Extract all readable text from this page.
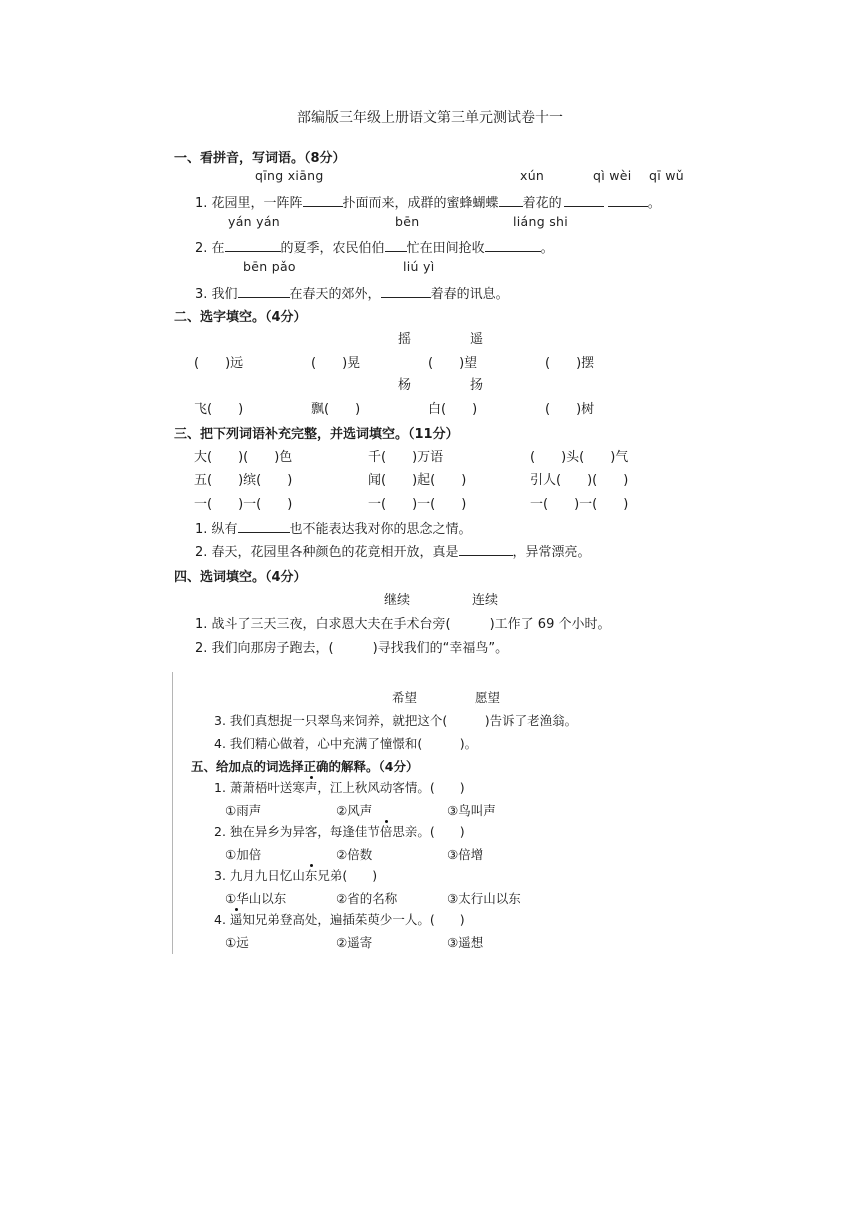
部编版三年级上册语文第三单元测试卷十一
一、看拼音，写词语。（8分）
qīng xiāng	xún	qì wèi qī wǔ
1. 花园里，一阵阵	扑面而来，成群的蜜蜂蝴蝶 着花的	。
yán yán	bēn	liáng shi
2. 在	的夏季，农民伯伯 忙在田间抢收	。
bēn pǎo	liú yì
3. 我们	在春天的郊外，	着春的讯息。
二、选字填空。（4分）
摇	遥
(　　)远	(　　)晃	(　　)望	(　　)摆
杨	扬
飞(　　)	飘(　　)	白(　　)	(　　)树
三、把下列词语补充完整，并选词填空。（11分）
大(　　)(　　)色	千(　　)万语	(　　)头(　　)气
五(　　)缤(　　)	闻(　　)起(　　)	引人(　　)(　　)
一(　　)一(　　)	一(　　)一(　　)	一(　　)一(　　)
1. 纵有	也不能表达我对你的思念之情。
2. 春天，花园里各种颜色的花竟相开放，真是	，异常漂亮。
四、选词填空。（4分）
继续	连续
1. 战斗了三天三夜，白求恩大夫在手术台旁(　　　)工作了 69 个小时。
2. 我们向那房子跑去，(　　　)寻找我们的“幸福鸟”。
希望	愿望
3. 我们真想捉一只翠鸟来饲养，就把这个(　　　)告诉了老渔翁。
4. 我们精心做着，心中充满了憧憬和(　　　)。
五、给加点的词选择正确的解释。（4分）
1. 萧萧梧叶送寒声，江上秋风动客情。(　　)
①雨声	②风声	③鸟叫声
2. 独在异乡为异客，每逢佳节倍思亲。(　　)
①加倍	②倍数	③倍增
3. 九月九日忆山东兄弟(　　)
①华山以东	②省的名称	③太行山以东
4. 遥知兄弟登高处，遍插茱萸少一人。(　　)
①远	②遥寄	③遥想
